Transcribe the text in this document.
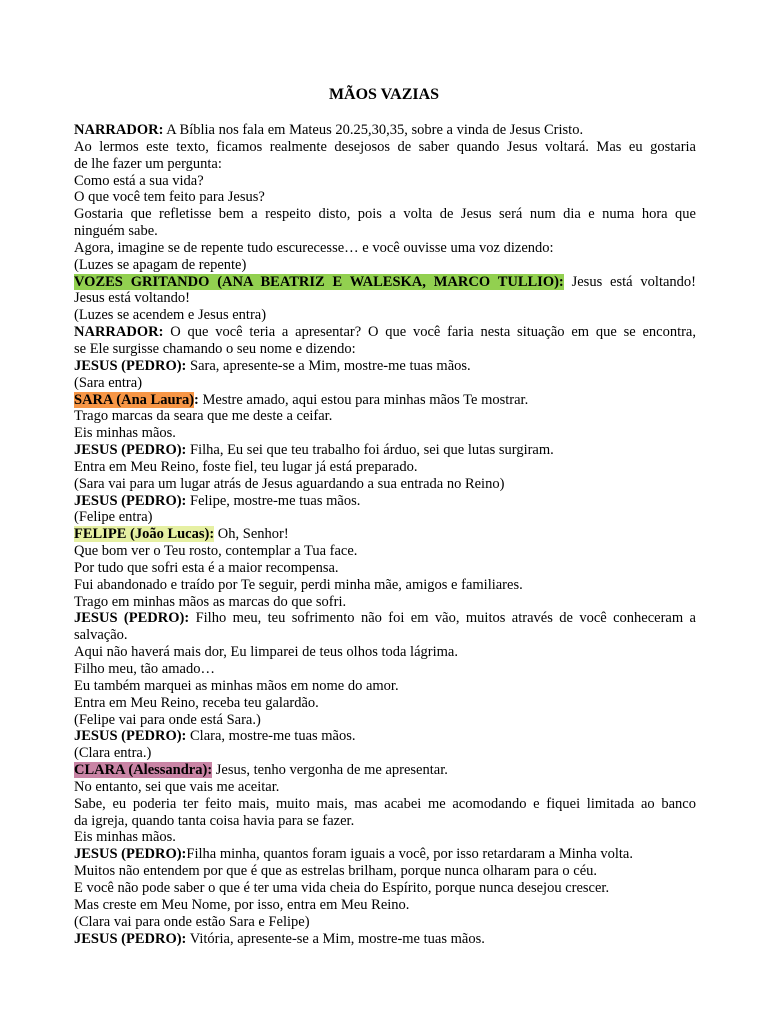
MÃOS VAZIAS
NARRADOR: A Bíblia nos fala em Mateus 20.25,30,35, sobre a vinda de Jesus Cristo.
Ao lermos este texto, ficamos realmente desejosos de saber quando Jesus voltará. Mas eu gostaria
de lhe fazer um pergunta:
Como está a sua vida?
O que você tem feito para Jesus?
Gostaria que refletisse bem a respeito disto, pois a volta de Jesus será num dia e numa hora que
ninguém sabe.
Agora, imagine se de repente tudo escurecesse… e você ouvisse uma voz dizendo:
(Luzes se apagam de repente)
VOZES GRITANDO (ANA BEATRIZ E WALESKA, MARCO TULLIO): Jesus está voltando!
Jesus está voltando!
(Luzes se acendem e Jesus entra)
NARRADOR: O que você teria a apresentar? O que você faria nesta situação em que se encontra,
se Ele surgisse chamando o seu nome e dizendo:
JESUS (PEDRO): Sara, apresente-se a Mim, mostre-me tuas mãos.
(Sara entra)
SARA (Ana Laura): Mestre amado, aqui estou para minhas mãos Te mostrar.
Trago marcas da seara que me deste a ceifar.
Eis minhas mãos.
JESUS (PEDRO): Filha, Eu sei que teu trabalho foi árduo, sei que lutas surgiram.
Entra em Meu Reino, foste fiel, teu lugar já está preparado.
(Sara vai para um lugar atrás de Jesus aguardando a sua entrada no Reino)
JESUS (PEDRO): Felipe, mostre-me tuas mãos.
(Felipe entra)
FELIPE (João Lucas): Oh, Senhor!
Que bom ver o Teu rosto, contemplar a Tua face.
Por tudo que sofri esta é a maior recompensa.
Fui abandonado e traído por Te seguir, perdi minha mãe, amigos e familiares.
Trago em minhas mãos as marcas do que sofri.
JESUS (PEDRO): Filho meu, teu sofrimento não foi em vão, muitos através de você conheceram a
salvação.
Aqui não haverá mais dor, Eu limparei de teus olhos toda lágrima.
Filho meu, tão amado…
Eu também marquei as minhas mãos em nome do amor.
Entra em Meu Reino, receba teu galardão.
(Felipe vai para onde está Sara.)
JESUS (PEDRO): Clara, mostre-me tuas mãos.
(Clara entra.)
CLARA (Alessandra): Jesus, tenho vergonha de me apresentar.
No entanto, sei que vais me aceitar.
Sabe, eu poderia ter feito mais, muito mais, mas acabei me acomodando e fiquei limitada ao banco
da igreja, quando tanta coisa havia para se fazer.
Eis minhas mãos.
JESUS (PEDRO):Filha minha, quantos foram iguais a você, por isso retardaram a Minha volta.
Muitos não entendem por que é que as estrelas brilham, porque nunca olharam para o céu.
E você não pode saber o que é ter uma vida cheia do Espírito, porque nunca desejou crescer.
Mas creste em Meu Nome, por isso, entra em Meu Reino.
(Clara vai para onde estão Sara e Felipe)
JESUS (PEDRO): Vitória, apresente-se a Mim, mostre-me tuas mãos.
